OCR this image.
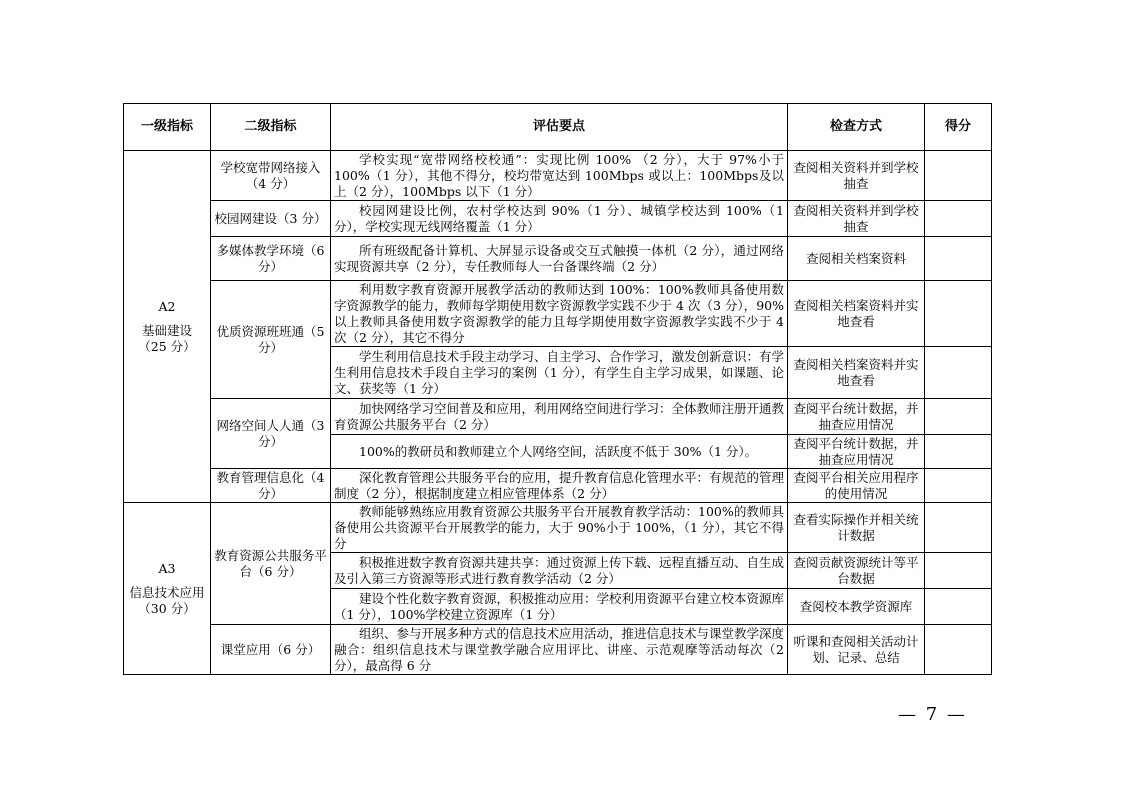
一级指标	二级指标	评估要点	检查方式	得分

A2
基础建设
（25 分）	学校宽带网络接入（4 分）	学校实现“宽带网络校校通”：实现比例 100% （2 分），大于 97%小于 100%（1 分），其他不得分，校均带宽达到 100Mbps 或以上：100Mbps及以上（2 分），100Mbps 以下（1 分）	查阅相关资料并到学校抽查	
	校园网建设（3 分）	校园网建设比例，农村学校达到 90%（1 分）、城镇学校达到 100%（1 分），学校实现无线网络覆盖（1 分）	查阅相关资料并到学校抽查	
	多媒体教学环境（6 分）	所有班级配备计算机、大屏显示设备或交互式触摸一体机（2 分），通过网络实现资源共享（2 分），专任教师每人一台备课终端（2 分）	查阅相关档案资料	
	优质资源班班通（5 分）	利用数字教育资源开展教学活动的教师达到 100%：100%教师具备使用数字资源教学的能力，教师每学期使用数字资源教学实践不少于 4 次（3 分），90%以上教师具备使用数字资源教学的能力且每学期使用数字资源教学实践不少于 4 次（2 分），其它不得分	查阅相关档案资料并实地查看	

		学生利用信息技术手段主动学习、自主学习、合作学习，激发创新意识：有学生利用信息技术手段自主学习的案例（1 分），有学生自主学习成果，如课题、论文、获奖等（1 分）	查阅相关档案资料并实地查看	
	网络空间人人通（3 分）	加快网络学习空间普及和应用，利用网络空间进行学习：全体教师注册开通教育资源公共服务平台（2 分）	查阅平台统计数据，并抽查应用情况	

		100%的教研员和教师建立个人网络空间，活跃度不低于 30%（1 分）。	查阅平台统计数据，并抽查应用情况	
	教育管理信息化（4 分）	深化教育管理公共服务平台的应用，提升教育信息化管理水平：有规范的管理制度（2 分），根据制度建立相应管理体系（2 分）	查阅平台相关应用程序的使用情况	

A3
信息技术应用
（30 分）	教育资源公共服务平台（6 分）	教师能够熟练应用教育资源公共服务平台开展教育教学活动：100%的教师具备使用公共资源平台开展教学的能力，大于 90%小于 100%，（1 分），其它不得分	查看实际操作并相关统计数据	

		积极推进数字教育资源共建共享：通过资源上传下载、远程直播互动、自生成及引入第三方资源等形式进行教育教学活动（2 分）	查阅贡献资源统计等平台数据	

		建设个性化数字教育资源，积极推动应用：学校利用资源平台建立校本资源库（1 分），100%学校建立资源库（1 分）	查阅校本教学资源库	
	课堂应用（6 分）	组织、参与开展多种方式的信息技术应用活动，推进信息技术与课堂教学深度融合：组织信息技术与课堂教学融合应用评比、讲座、示范观摩等活动每次（2 分），最高得 6 分	听课和查阅相关活动计划、记录、总结	
— 7 —
